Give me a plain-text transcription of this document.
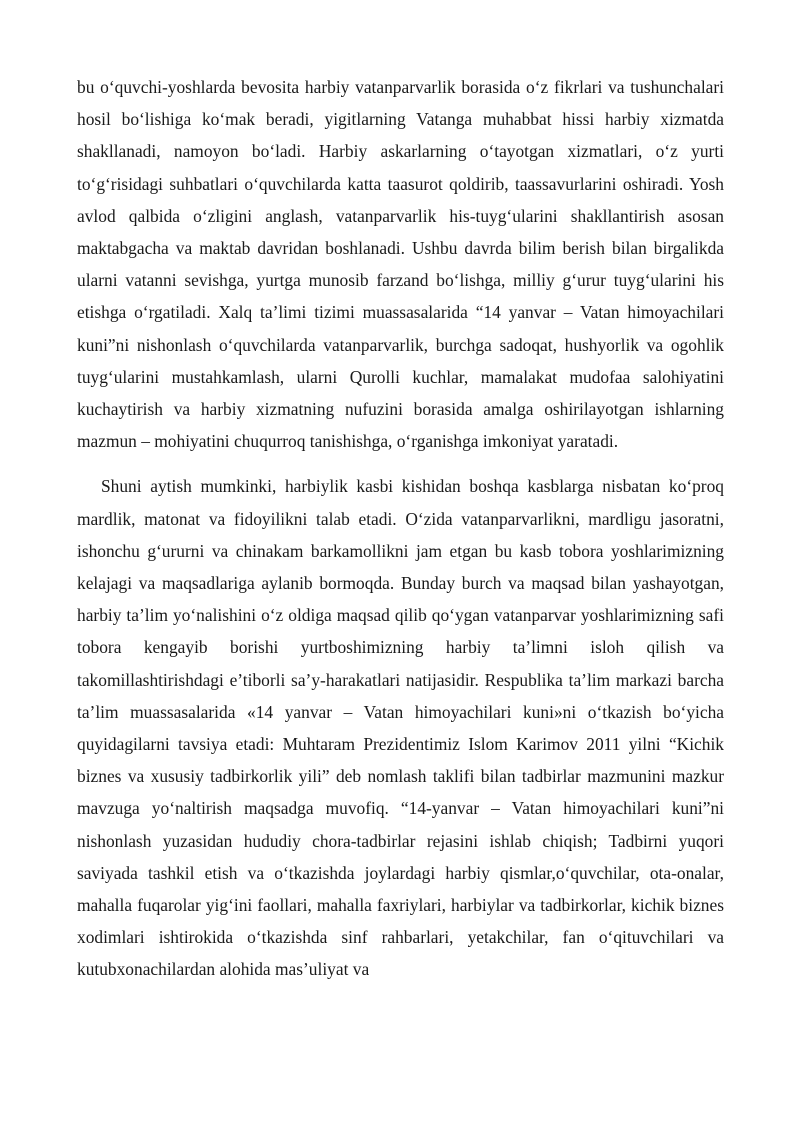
bu o‘quvchi-yoshlarda bevosita harbiy vatanparvarlik borasida o‘z fikrlari va tushunchalari hosil bo‘lishiga ko‘mak beradi, yigitlarning Vatanga muhabbat hissi harbiy xizmatda shakllanadi, namoyon bo‘ladi. Harbiy askarlarning o‘tayotgan xizmatlari, o‘z yurti to‘g‘risidagi suhbatlari o‘quvchilarda katta taasurot qoldirib, taassavurlarini oshiradi. Yosh avlod qalbida o‘zligini anglash, vatanparvarlik his-tuyg‘ularini shakllantirish asosan maktabgacha va maktab davridan boshlanadi. Ushbu davrda bilim berish bilan birgalikda ularni vatanni sevishga, yurtga munosib farzand bo‘lishga, milliy g‘urur tuyg‘ularini his etishga o‘rgatiladi. Xalq ta’limi tizimi muassasalarida “14 yanvar – Vatan himoyachilari kuni”ni nishonlash o‘quvchilarda vatanparvarlik, burchga sadoqat, hushyorlik va ogohlik tuyg‘ularini mustahkamlash, ularni Qurolli kuchlar, mamalakat mudofaa salohiyatini kuchaytirish va harbiy xizmatning nufuzini borasida amalga oshirilayotgan ishlarning mazmun – mohiyatini chuqurroq tanishishga, o‘rganishga imkoniyat yaratadi.

Shuni aytish mumkinki, harbiylik kasbi kishidan boshqa kasblarga nisbatan ko‘proq mardlik, matonat va fidoyilikni talab etadi. O‘zida vatanparvarlikni, mardligu jasoratni, ishonchu g‘ururni va chinakam barkamollikni jam etgan bu kasb tobora yoshlarimizning kelajagi va maqsadlariga aylanib bormoqda. Bunday burch va maqsad bilan yashayotgan, harbiy ta’lim yo‘nalishini o‘z oldiga maqsad qilib qo‘ygan vatanparvar yoshlarimizning safi tobora kengayib borishi yurtboshimizning harbiy ta’limni isloh qilish va takomillashtirishdagi e’tiborli sa’y-harakatlari natijasidir. Respublika ta’lim markazi barcha ta’lim muassasalarida «14 yanvar – Vatan himoyachilari kuni»ni o‘tkazish bo‘yicha quyidagilarni tavsiya etadi: Muhtaram Prezidentimiz Islom Karimov 2011 yilni “Kichik biznes va xususiy tadbirkorlik yili” deb nomlash taklifi bilan tadbirlar mazmunini mazkur mavzuga yo‘naltirish maqsadga muvofiq. “14-yanvar – Vatan himoyachilari kuni”ni nishonlash yuzasidan hududiy chora-tadbirlar rejasini ishlab chiqish; Tadbirni yuqori saviyada tashkil etish va o‘tkazishda joylardagi harbiy qismlar,o‘quvchilar, ota-onalar, mahalla fuqarolar yig‘ini faollari, mahalla faxriylari, harbiylar va tadbirkorlar, kichik biznes xodimlari ishtirokida o‘tkazishda sinf rahbarlari, yetakchilar, fan o‘qituvchilari va kutubxonachilardan alohida mas’uliyat va
